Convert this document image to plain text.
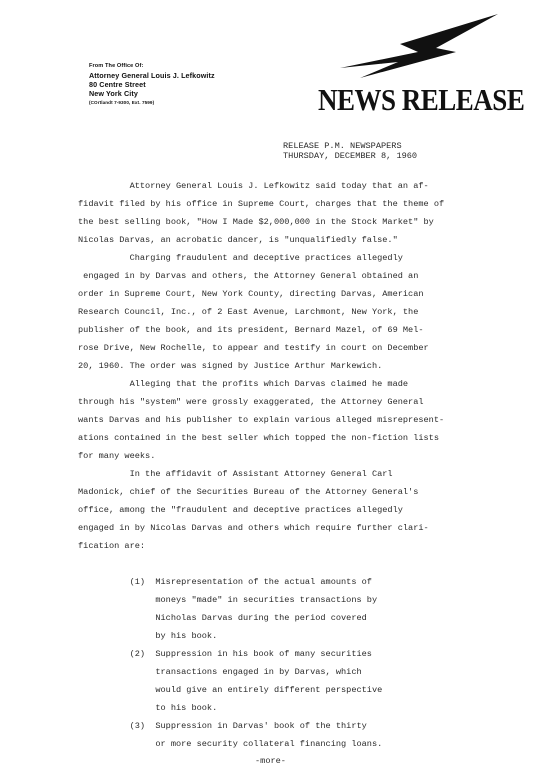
From The Office Of:
Attorney General Louis J. Lefkowitz
80 Centre Street
New York City
(COrtlandt 7-9300, Ext. 7599)	NEWS RELEASE
RELEASE P.M. NEWSPAPERS
THURSDAY, DECEMBER 8, 1960
Attorney General Louis J. Lefkowitz said today that an af-
fidavit filed by his office in Supreme Court, charges that the theme of
the best selling book, "How I Made $2,000,000 in the Stock Market" by
Nicolas Darvas, an acrobatic dancer, is "unqualifiedly false."
Charging fraudulent and deceptive practices allegedly
engaged in by Darvas and others, the Attorney General obtained an
order in Supreme Court, New York County, directing Darvas, American
Research Council, Inc., of 2 East Avenue, Larchmont, New York, the
publisher of the book, and its president, Bernard Mazel, of 69 Mel-
rose Drive, New Rochelle, to appear and testify in court on December
20, 1960. The order was signed by Justice Arthur Markewich.
Alleging that the profits which Darvas claimed he made
through his "system" were grossly exaggerated, the Attorney General
wants Darvas and his publisher to explain various alleged misrepresent-
ations contained in the best seller which topped the non-fiction lists
for many weeks.
In the affidavit of Assistant Attorney General Carl
Madonick, chief of the Securities Bureau of the Attorney General's
office, among the "fraudulent and deceptive practices allegedly
engaged in by Nicolas Darvas and others which require further clari-
fication are:
(1)  Misrepresentation of the actual amounts of
moneys "made" in securities transactions by
Nicholas Darvas during the period covered
by his book.
(2)  Suppression in his book of many securities
transactions engaged in by Darvas, which
would give an entirely different perspective
to his book.
(3)  Suppression in Darvas' book of the thirty
or more security collateral financing loans.
-more-
